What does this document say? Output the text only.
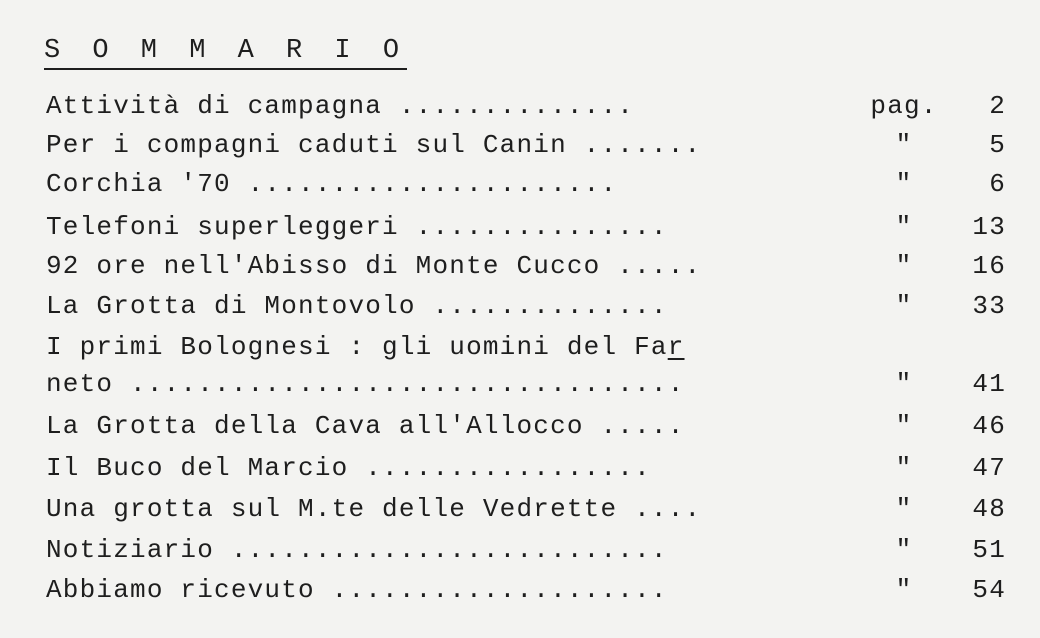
S O M M A R I O
Attività di campagna ..............	pag.	2
Per i compagni caduti sul Canin .......	"	5
Corchia '70 ......................	"	6
Telefoni superleggeri ...............	"	13
92 ore nell'Abisso di Monte Cucco .....	"	16
La Grotta di Montovolo ..............	"	33
I primi Bolognesi : gli uomini del Far
neto .................................	"	41
La Grotta della Cava all'Allocco .....	"	46
Il Buco del Marcio .................	"	47
Una grotta sul M.te delle Vedrette ....	"	48
Notiziario ..........................	"	51
Abbiamo ricevuto ....................	"	54
